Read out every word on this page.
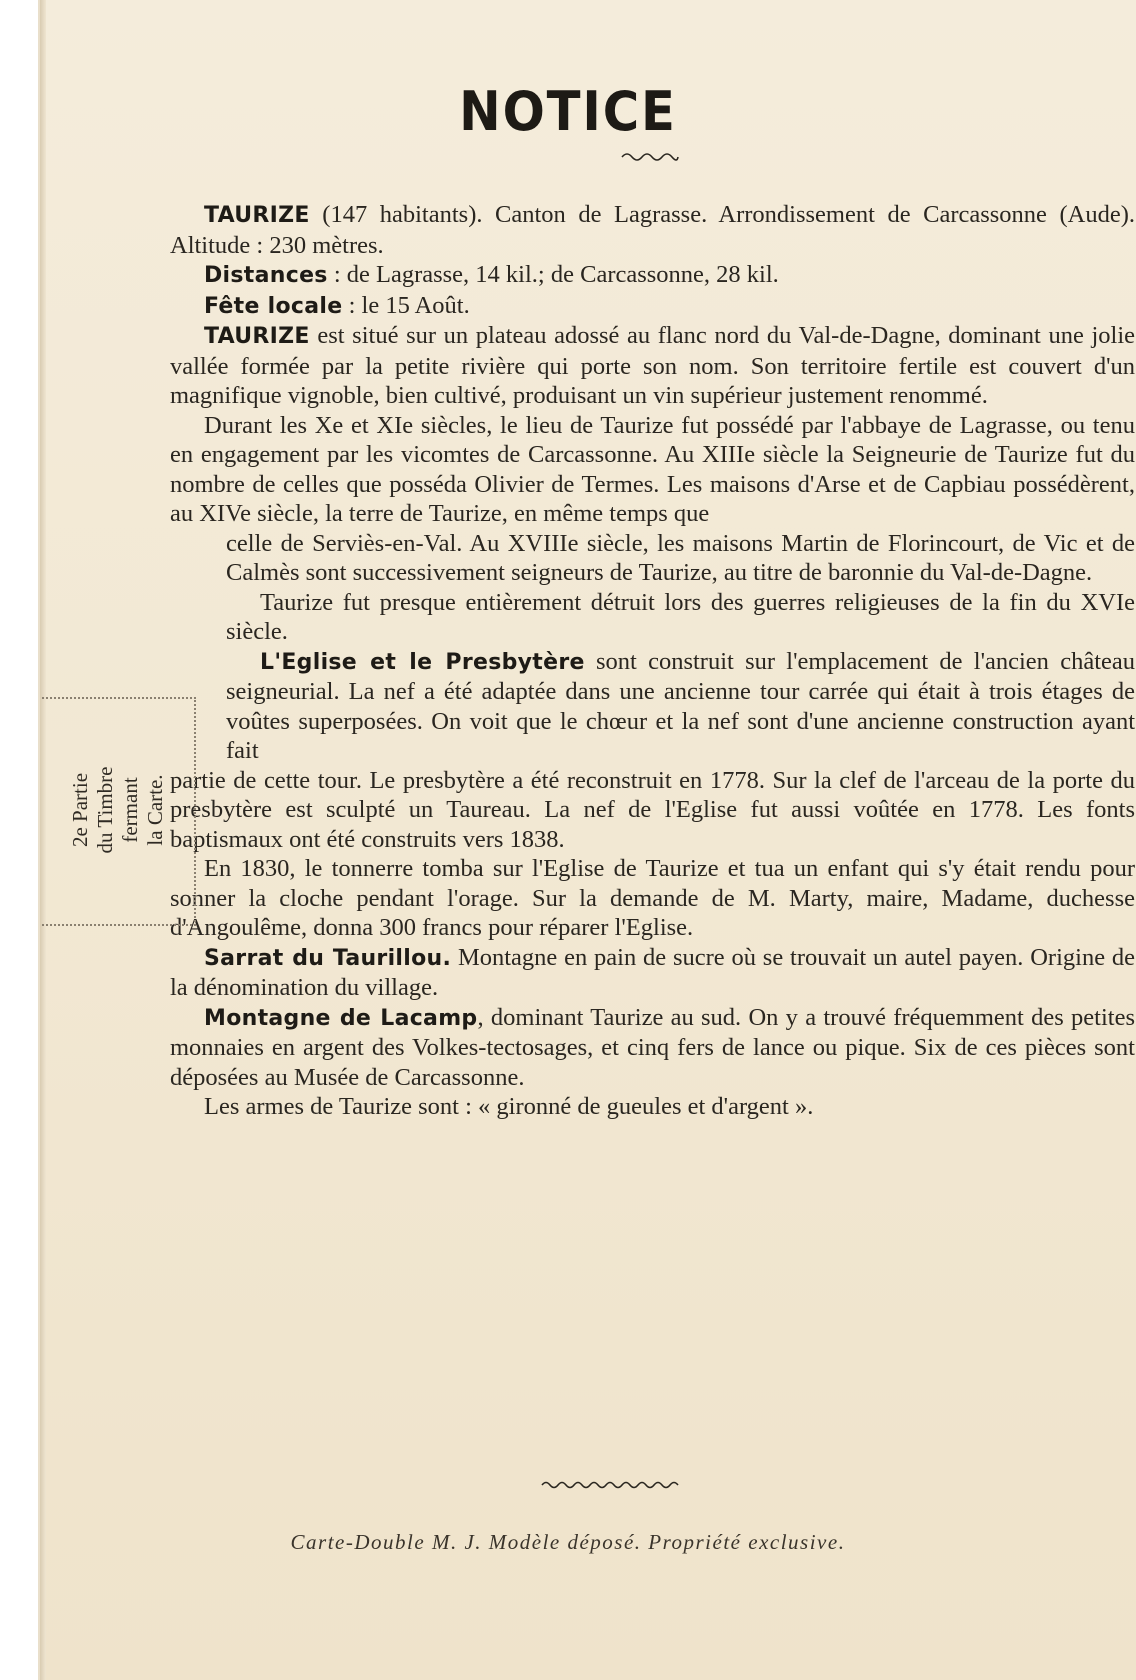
NOTICE

TAURIZE (147 habitants). Canton de Lagrasse. Arrondissement de Carcassonne (Aude). Altitude : 230 mètres.

Distances : de Lagrasse, 14 kil.; de Carcassonne, 28 kil.

Fête locale : le 15 Août.

TAURIZE est situé sur un plateau adossé au flanc nord du Val-de-Dagne, dominant une jolie vallée formée par la petite rivière qui porte son nom. Son territoire fertile est couvert d'un magnifique vignoble, bien cultivé, produisant un vin supérieur justement renommé.

Durant les Xe et XIe siècles, le lieu de Taurize fut possédé par l'abbaye de Lagrasse, ou tenu en engagement par les vicomtes de Carcassonne. Au XIIIe siècle la Seigneurie de Taurize fut du nombre de celles que posséda Olivier de Termes. Les maisons d'Arse et de Capbiau possédèrent, au XIVe siècle, la terre de Taurize, en même temps que

celle de Serviès-en-Val. Au XVIIIe siècle, les maisons Martin de Florincourt, de Vic et de Calmès sont successivement seigneurs de Taurize, au titre de baronnie du Val-de-Dagne.

Taurize fut presque entièrement détruit lors des guerres religieuses de la fin du XVIe siècle.

L'Eglise et le Presbytère sont construit sur l'emplacement de l'ancien château seigneurial. La nef a été adaptée dans une ancienne tour carrée qui était à trois étages de voûtes superposées. On voit que le chœur et la nef sont d'une ancienne construction ayant fait

partie de cette tour. Le presbytère a été reconstruit en 1778. Sur la clef de l'arceau de la porte du presbytère est sculpté un Taureau. La nef de l'Eglise fut aussi voûtée en 1778. Les fonts baptismaux ont été construits vers 1838.

En 1830, le tonnerre tomba sur l'Eglise de Taurize et tua un enfant qui s'y était rendu pour sonner la cloche pendant l'orage. Sur la demande de M. Marty, maire, Madame, duchesse d'Angoulême, donna 300 francs pour réparer l'Eglise.

Sarrat du Taurillou. Montagne en pain de sucre où se trouvait un autel payen. Origine de la dénomination du village.

Montagne de Lacamp, dominant Taurize au sud. On y a trouvé fréquemment des petites monnaies en argent des Volkes-tectosages, et cinq fers de lance ou pique. Six de ces pièces sont déposées au Musée de Carcassonne.

Les armes de Taurize sont : « gironné de gueules et d'argent ».

2e Partie du Timbre fermant la Carte.
Carte-Double M. J. Modèle déposé. Propriété exclusive.
